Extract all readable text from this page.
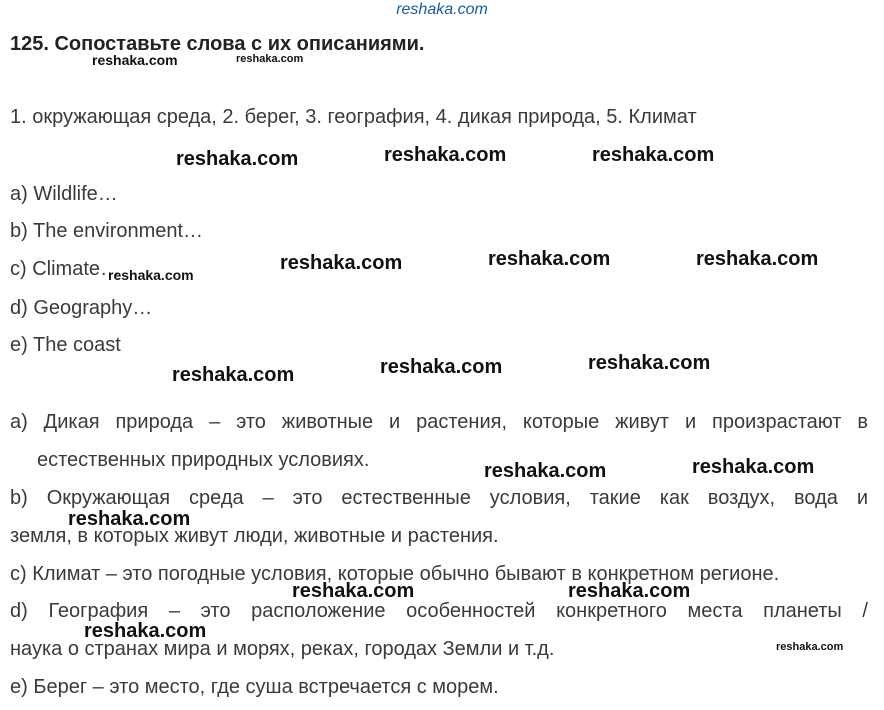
reshaka.com
125. Сопоставьте слова с их описаниями.
reshaka.com	reshaka.com
1. окружающая среда, 2. берег, 3. география, 4. дикая природа, 5. Климат
reshaka.com	reshaka.com	reshaka.com
a) Wildlife…
b) The environment…
c) Climate…
d) Geography…
e) The coast
reshaka.com
reshaka.com	reshaka.com	reshaka.com
reshaka.com	reshaka.com	reshaka.com
a) Дикая природа – это животные и растения, которые живут и произрастают в
естественных природных условиях.
b) Окружающая среда – это естественные условия, такие как воздух, вода и
земля, в которых живут люди, животные и растения.
c) Климат – это погодные условия, которые обычно бывают в конкретном регионе.
d) География – это расположение особенностей конкретного места планеты /
наука о странах мира и морях, реках, городах Земли и т.д.
e) Берег – это место, где суша встречается с морем.
reshaka.com	reshaka.com
reshaka.com
reshaka.com	reshaka.com
reshaka.com
reshaka.com
